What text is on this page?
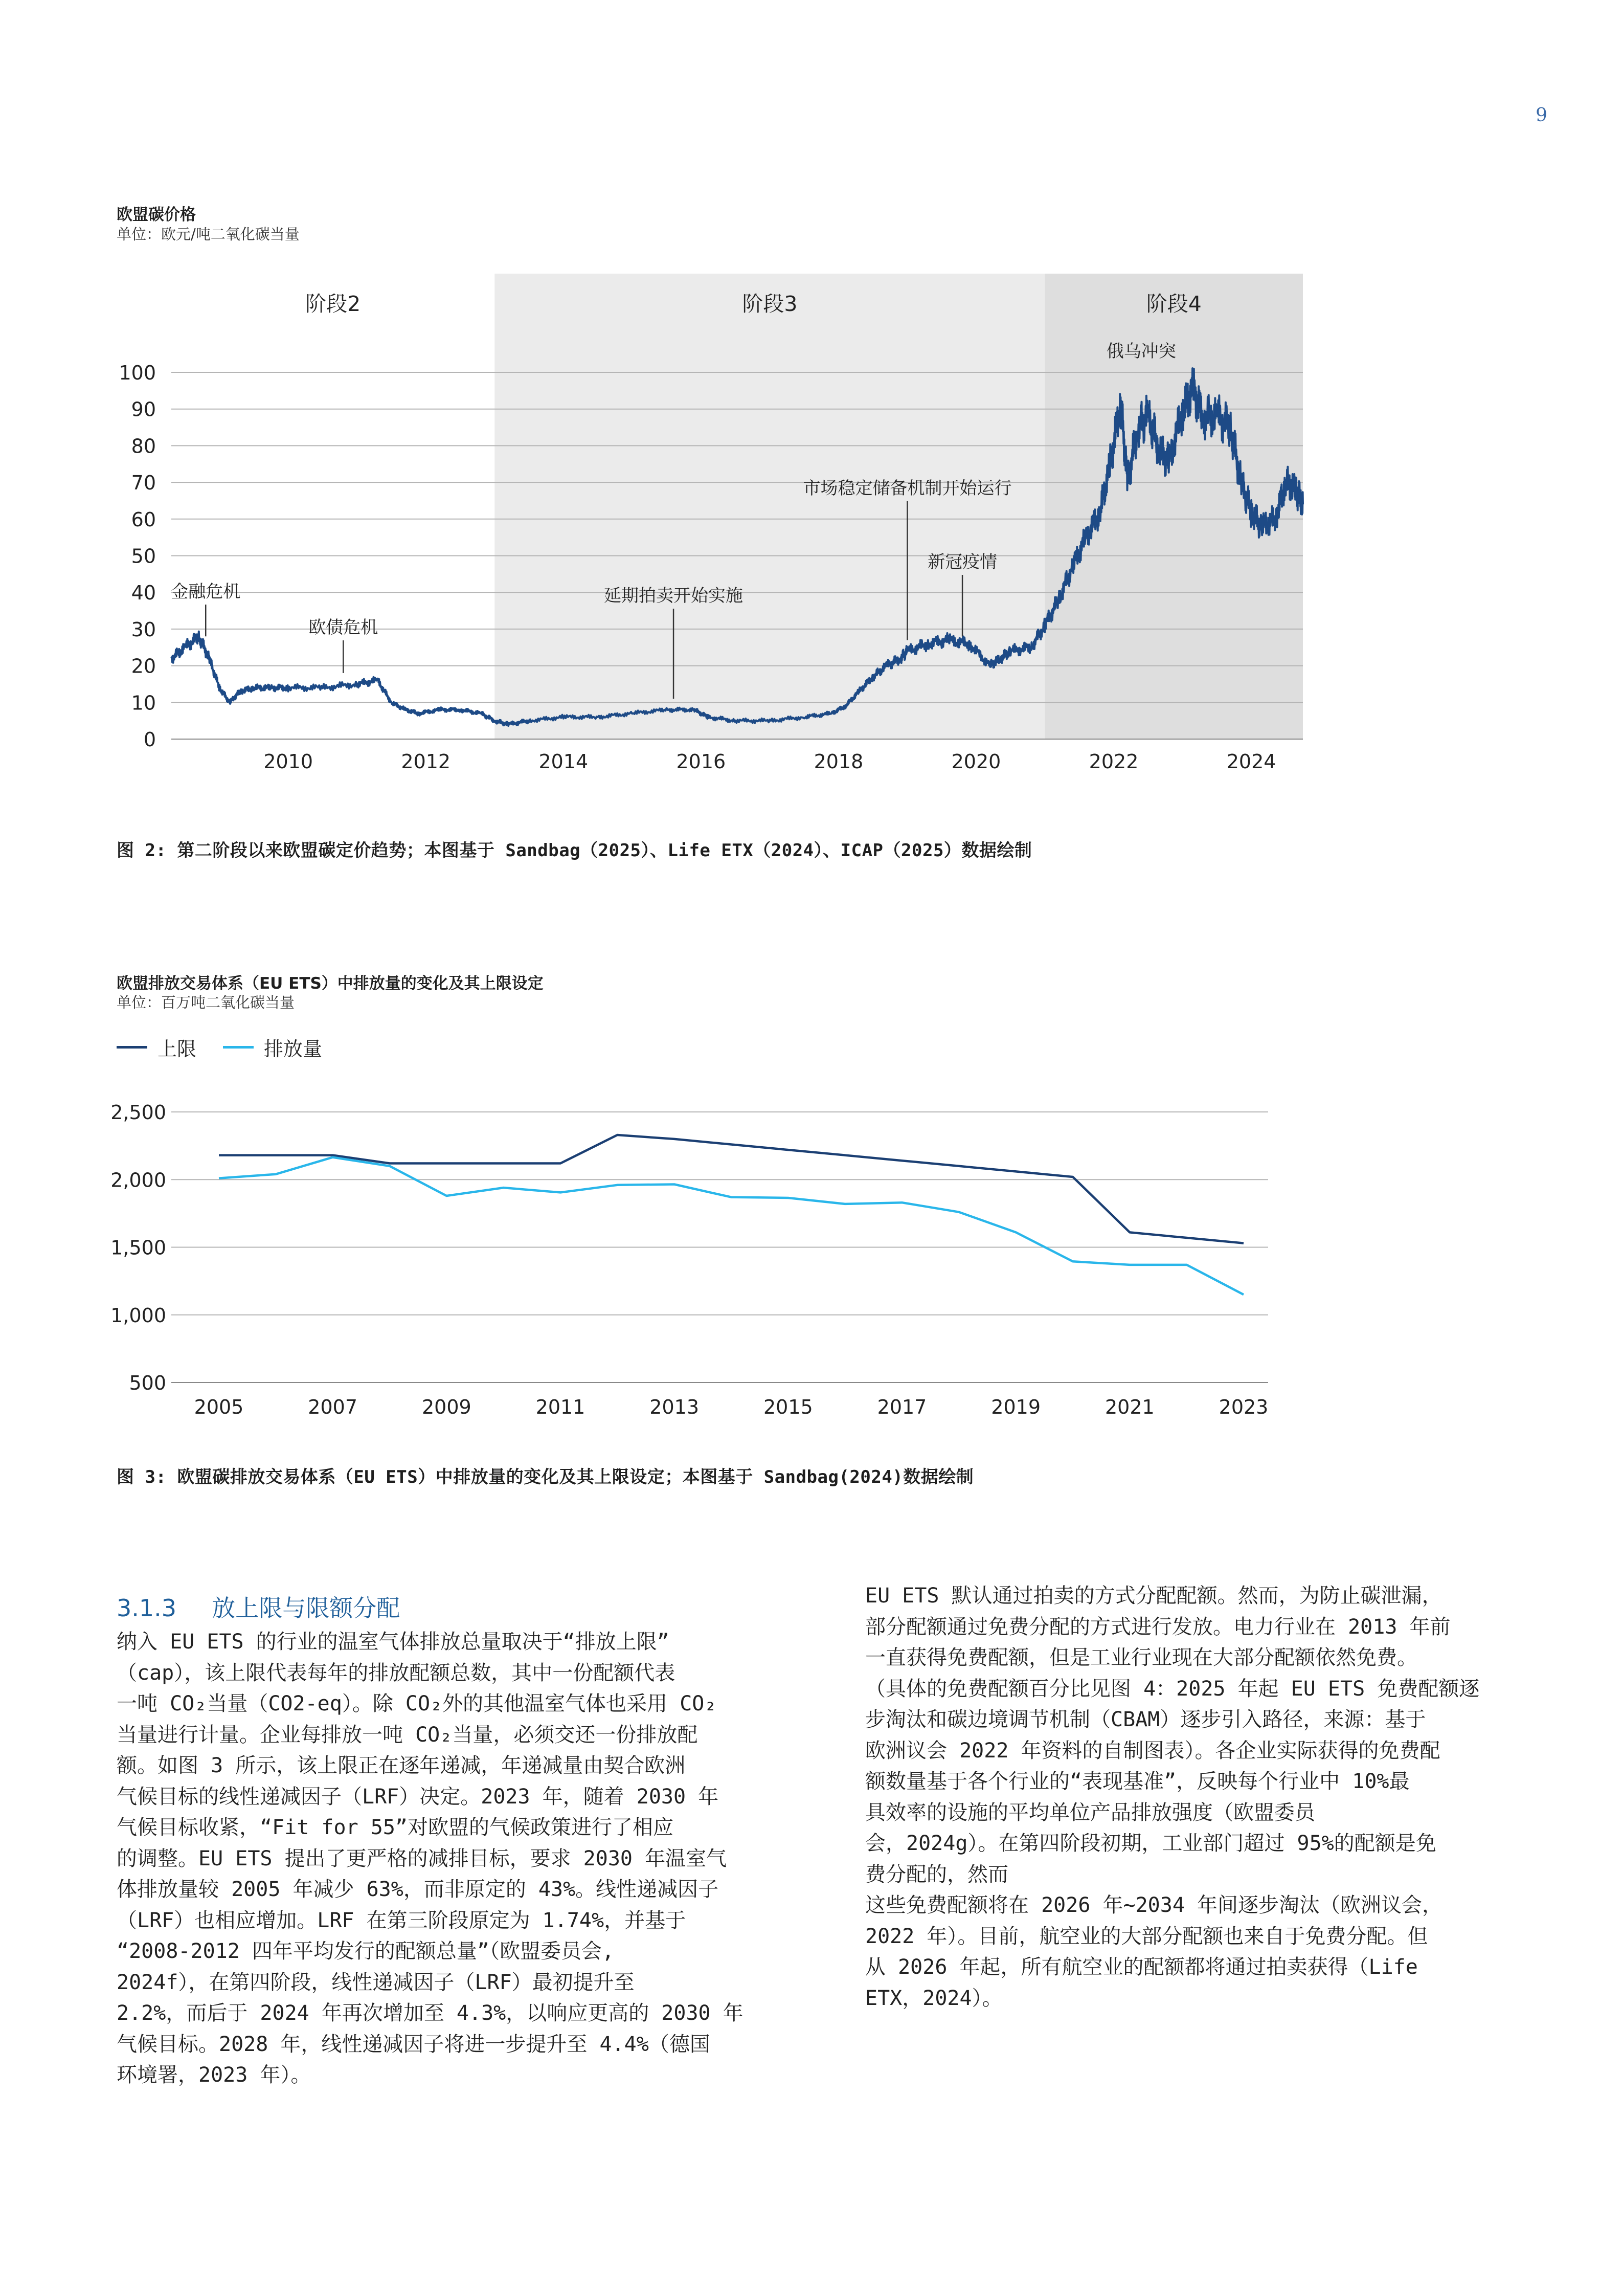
9
欧盟碳价格
单位：欧元/吨二氧化碳当量
阶段2	阶段3	阶段4
0
10
20
30
40
50
60
70
80
90
100
2010	2012	2014	2016	2018	2020	2022	2024
金融危机
欧债危机
延期拍卖开始实施
市场稳定储备机制开始运行
新冠疫情
俄乌冲突
图 2: 第二阶段以来欧盟碳定价趋势；本图基于 Sandbag（2025）、Life ETX（2024）、ICAP（2025）数据绘制
欧盟排放交易体系（EU ETS）中排放量的变化及其上限设定
单位：百万吨二氧化碳当量
上限	排放量
500
1,000
1,500
2,000
2,500
2005	2007	2009	2011	2013	2015	2017	2019	2021	2023
图 3: 欧盟碳排放交易体系（EU ETS）中排放量的变化及其上限设定；本图基于 Sandbag(2024)数据绘制
3.1.3 放上限与限额分配

纳入 EU ETS 的行业的温室气体排放总量取决于“排放上限”

（cap），该上限代表每年的排放配额总数，其中一份配额代表

一吨 CO₂当量（CO2-eq）。除 CO₂外的其他温室气体也采用 CO₂

当量进行计量。企业每排放一吨 CO₂当量，必须交还一份排放配

额。如图 3 所示，该上限正在逐年递减，年递减量由契合欧洲

气候目标的线性递减因子（LRF）决定。2023 年，随着 2030 年

气候目标收紧，“Fit for 55”对欧盟的气候政策进行了相应

的调整。EU ETS 提出了更严格的减排目标，要求 2030 年温室气

体排放量较 2005 年减少 63%，而非原定的 43%。线性递减因子

（LRF）也相应增加。LRF 在第三阶段原定为 1.74%，并基于

“2008-2012 四年平均发行的配额总量”（欧盟委员会,

2024f），在第四阶段，线性递减因子（LRF）最初提升至

2.2%，而后于 2024 年再次增加至 4.3%，以响应更高的 2030 年

气候目标。2028 年，线性递减因子将进一步提升至 4.4%（德国

环境署，2023 年）。

EU ETS 默认通过拍卖的方式分配配额。然而，为防止碳泄漏，

部分配额通过免费分配的方式进行发放。电力行业在 2013 年前

一直获得免费配额，但是工业行业现在大部分配额依然免费。

（具体的免费配额百分比见图 4：2025 年起 EU ETS 免费配额逐

步淘汰和碳边境调节机制（CBAM）逐步引入路径，来源：基于

欧洲议会 2022 年资料的自制图表）。各企业实际获得的免费配

额数量基于各个行业的“表现基准”，反映每个行业中 10%最

具效率的设施的平均单位产品排放强度（欧盟委员

会，2024g）。在第四阶段初期，工业部门超过 95%的配额是免

费分配的，然而

这些免费配额将在 2026 年~2034 年间逐步淘汰（欧洲议会，

2022 年）。目前，航空业的大部分配额也来自于免费分配。但

从 2026 年起，所有航空业的配额都将通过拍卖获得（Life

ETX，2024）。
